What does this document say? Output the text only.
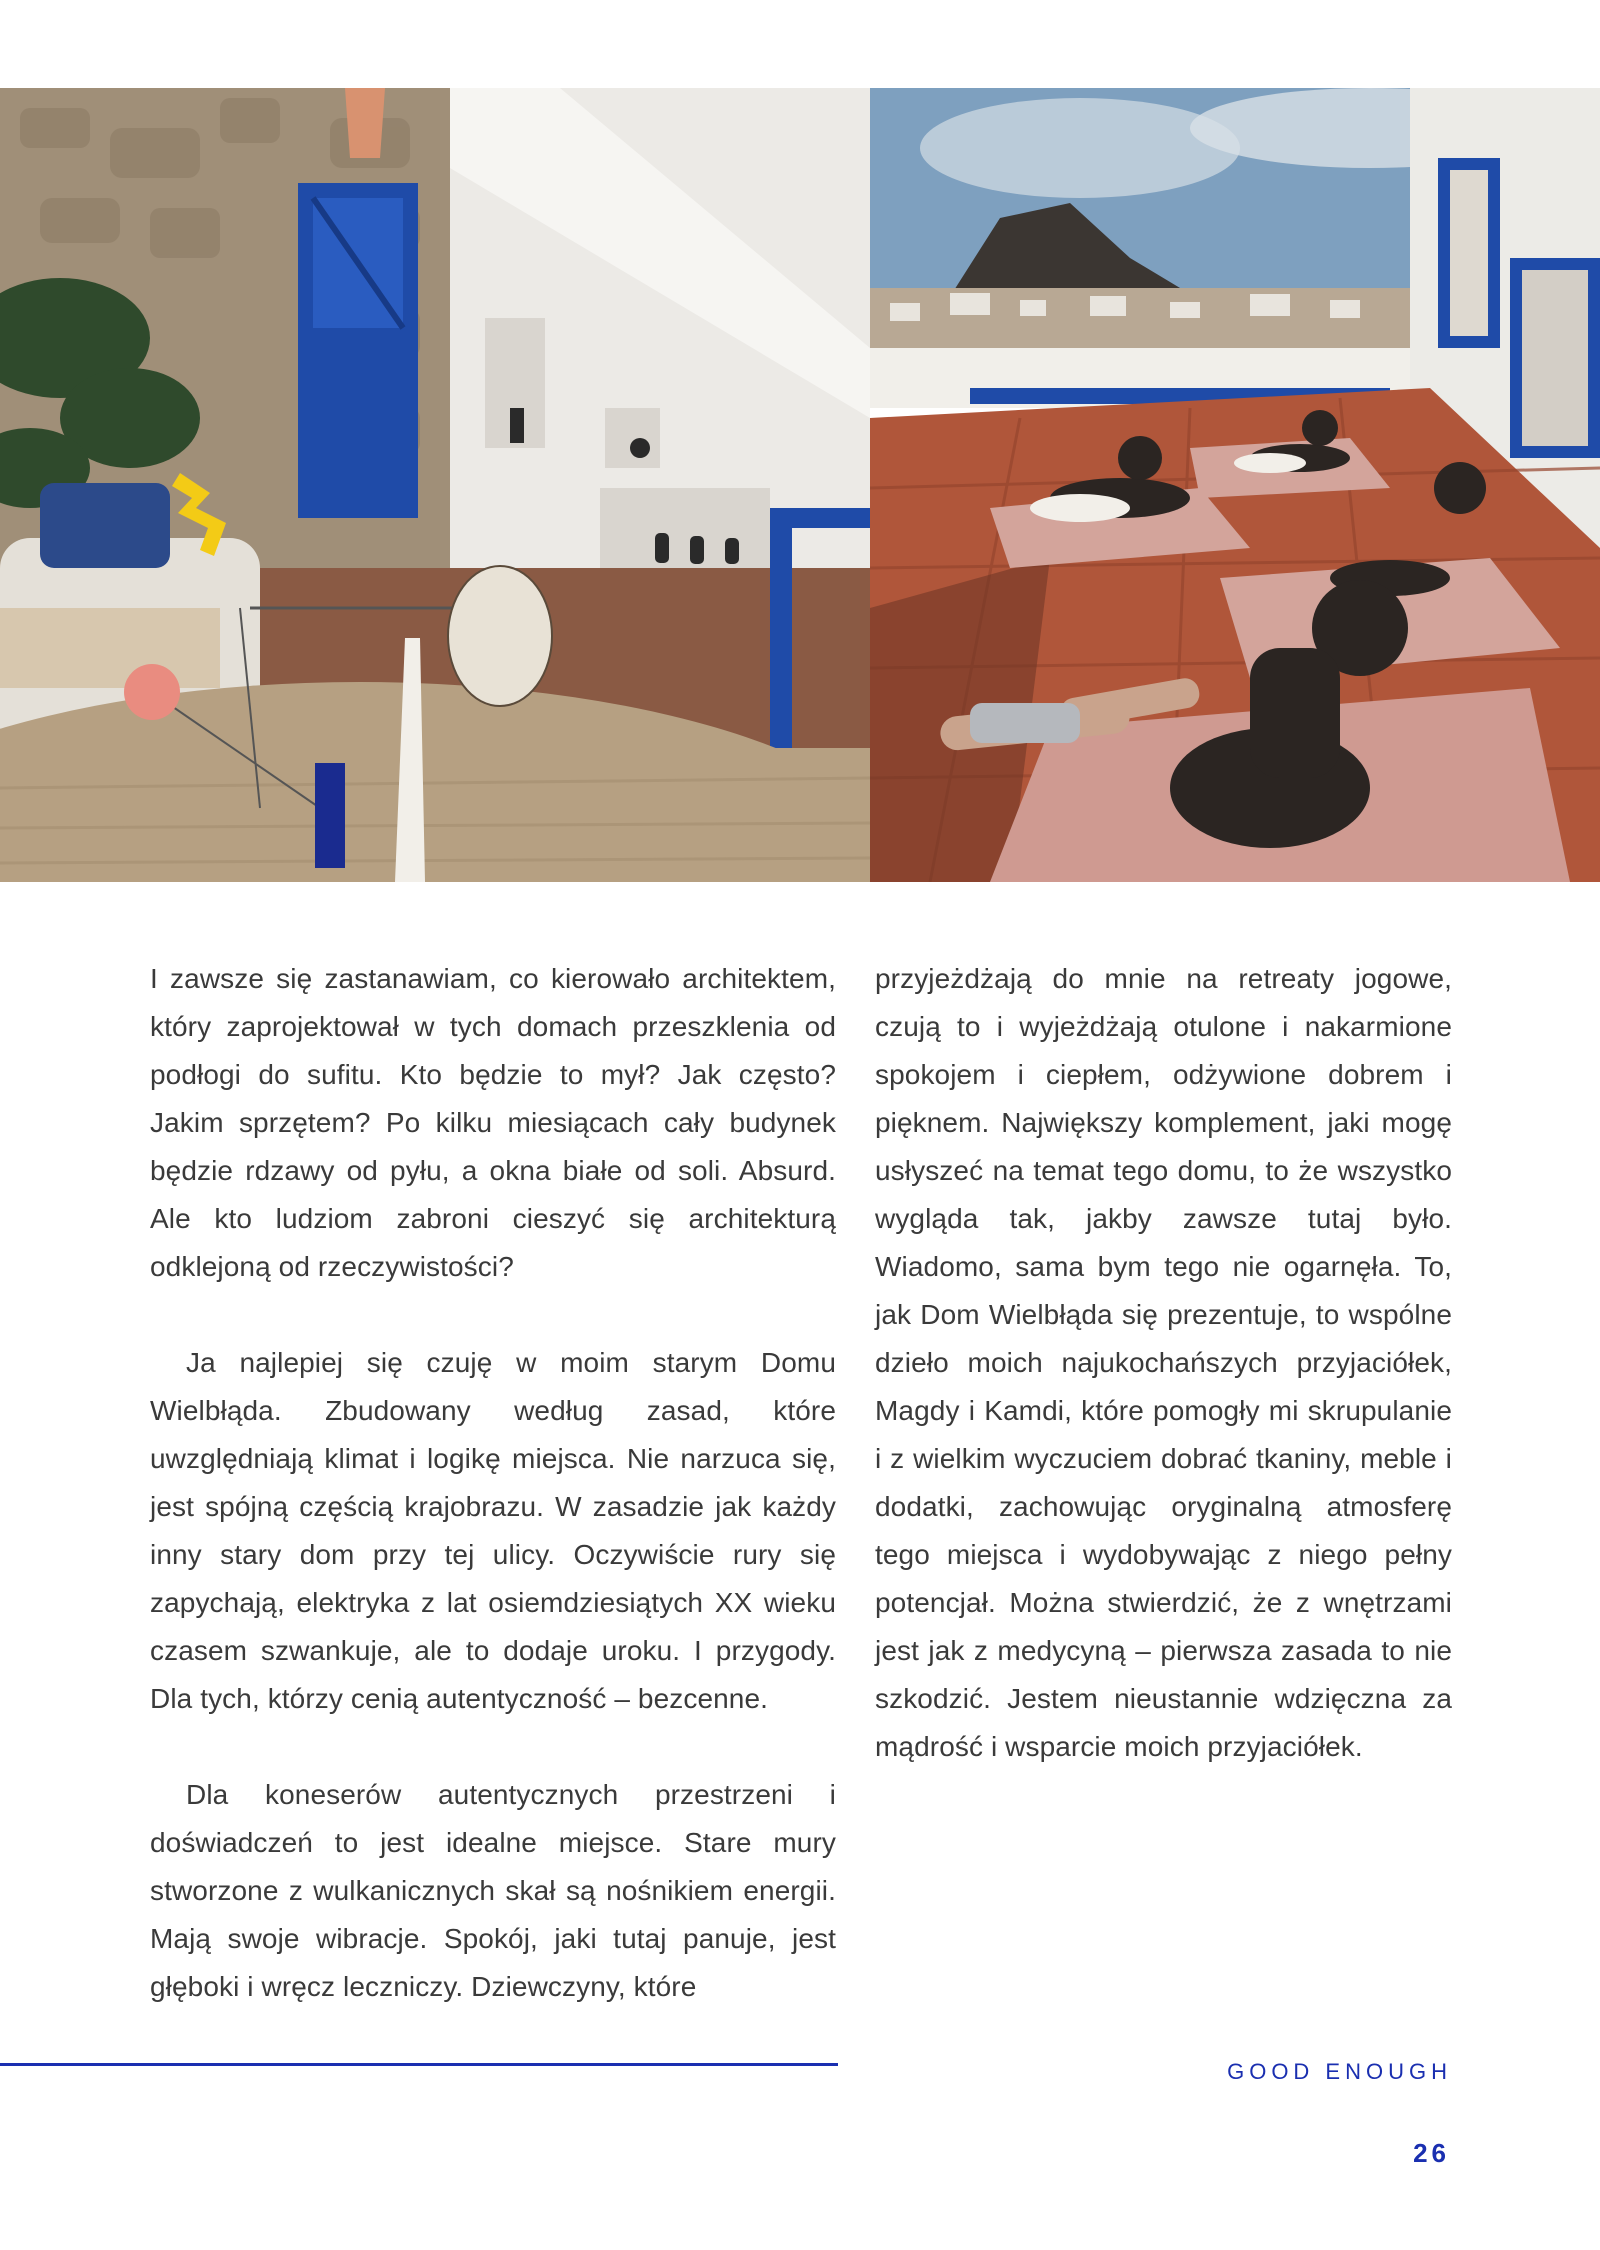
I zawsze się zastanawiam, co kierowało architektem, który zaprojektował w tych domach przeszklenia od podłogi do sufitu. Kto będzie to mył? Jak często? Jakim sprzętem? Po kilku miesiącach cały budynek będzie rdzawy od pyłu, a okna białe od soli. Absurd. Ale kto ludziom zabroni cieszyć się architekturą odklejoną od rzeczywistości?

Ja najlepiej się czuję w moim starym Domu Wielbłąda. Zbudowany według zasad, które uwzględniają klimat i logikę miejsca. Nie narzuca się, jest spójną częścią krajobrazu. W zasadzie jak każdy inny stary dom przy tej ulicy. Oczywiście rury się zapychają, elektryka z lat osiemdziesiątych XX wieku czasem szwankuje, ale to dodaje uroku. I przygody. Dla tych, którzy cenią autentyczność – bezcenne.

Dla koneserów autentycznych przestrzeni i doświadczeń to jest idealne miejsce. Stare mury stworzone z wulkanicznych skał są nośnikiem energii. Mają swoje wibracje. Spokój, jaki tutaj panuje, jest głęboki i wręcz leczniczy. Dziewczyny, które

przyjeżdżają do mnie na retreaty jogowe, czują to i wyjeżdżają otulone i nakarmione spokojem i ciepłem, odżywione dobrem i pięknem. Największy komplement, jaki mogę usłyszeć na temat tego domu, to że wszystko wygląda tak, jakby zawsze tutaj było. Wiadomo, sama bym tego nie ogarnęła. To, jak Dom Wielbłąda się prezentuje, to wspólne dzieło moich najukochańszych przyjaciółek, Magdy i Kamdi, które pomogły mi skrupulanie i z wielkim wyczuciem dobrać tkaniny, meble i dodatki, zachowując oryginalną atmosferę tego miejsca i wydobywając z niego pełny potencjał. Można stwierdzić, że z wnętrzami jest jak z medycyną – pierwsza zasada to nie szkodzić. Jestem nieustannie wdzięczna za mądrość i wsparcie moich przyjaciółek.

GOOD ENOUGH
26
